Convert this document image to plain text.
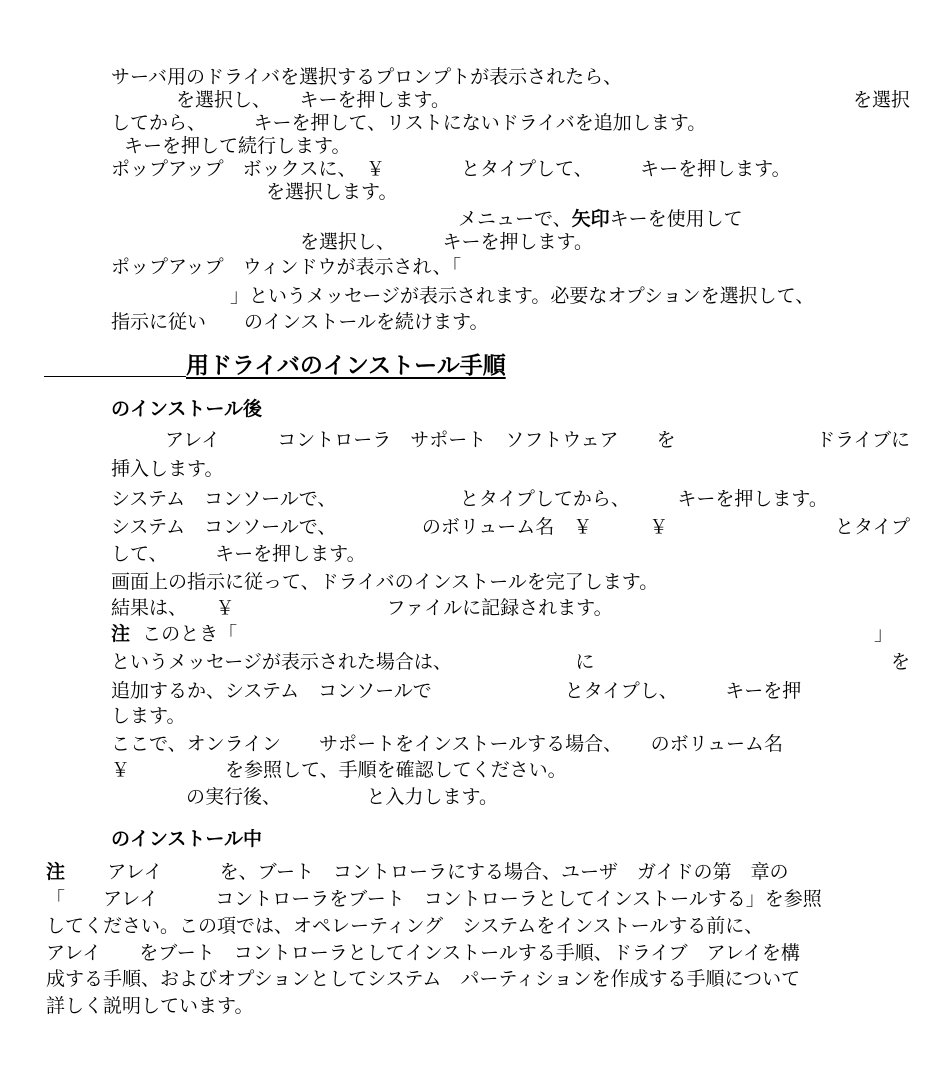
サーバ用のドライバを選択するプロンプトが表示されたら、
を選択し、　　キーを押します。	を選択
してから、　　　キーを押して、リストにないドライバを追加します。
キーを押して続行します。
ポップアップ　ボックスに、　￥　　　　とタイプして、　　　キーを押します。
を選択します。
メニューで、矢印キーを使用して
を選択し、　　　キーを押します。
ポップアップ　ウィンドウが表示され、「
」というメッセージが表示されます。必要なオプションを選択して、
指示に従い　　のインストールを続けます。
用ドライバのインストール手順
のインストール後
アレイ　　　コントローラ　サポート　ソフトウェア　　を	ドライブに
挿入します。
システム　コンソールで、　　　　　　　とタイプしてから、　　　キーを押します。
システム　コンソールで、　　　　　のボリューム名　￥　　　￥	とタイプ
して、　　　キーを押します。
画面上の指示に従って、ドライバのインストールを完了します。
結果は、　　￥　　　　　　　　ファイルに記録されます。
注 このとき「	」
というメッセージが表示された場合は、　　　　　　　に	を
追加するか、システム　コンソールで　　　　　　　とタイプし、　　　キーを押
します。
ここで、オンライン　　サポートをインストールする場合、　　のボリューム名
￥　　　　　を参照して、手順を確認してください。
の実行後、　　　　　と入力します。
のインストール中
注 アレイ　　　を、ブート　コントローラにする場合、ユーザ　ガイドの第　章の
「　　アレイ　　　コントローラをブート　コントローラとしてインストールする」を参照
してください。この項では、オペレーティング　システムをインストールする前に、
アレイ　　をブート　コントローラとしてインストールする手順、ドライブ　アレイを構
成する手順、およびオプションとしてシステム　パーティションを作成する手順について
詳しく説明しています。
